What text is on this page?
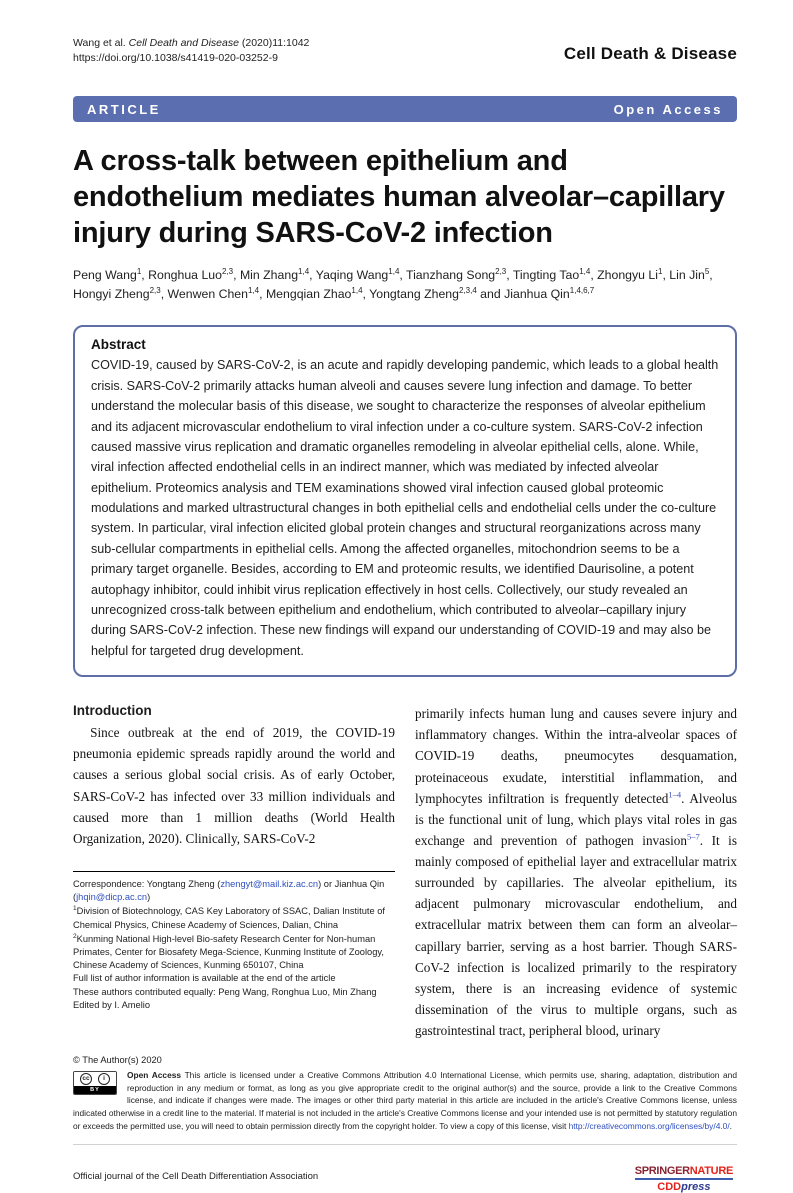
Wang et al. Cell Death and Disease (2020)11:1042
https://doi.org/10.1038/s41419-020-03252-9	Cell Death & Disease
ARTICLE	Open Access
A cross-talk between epithelium and endothelium mediates human alveolar–capillary injury during SARS-CoV-2 infection
Peng Wang$^1$, Ronghua Luo$^{2,3}$, Min Zhang$^{1,4}$, Yaqing Wang$^{1,4}$, Tianzhang Song$^{2,3}$, Tingting Tao$^{1,4}$, Zhongyu Li$^1$, Lin Jin$^5$, Hongyi Zheng$^{2,3}$, Wenwen Chen$^{1,4}$, Mengqian Zhao$^{1,4}$, Yongtang Zheng$^{2,3,4}$ and Jianhua Qin$^{1,4,6,7}$
Abstract

COVID-19, caused by SARS-CoV-2, is an acute and rapidly developing pandemic, which leads to a global health crisis. SARS-CoV-2 primarily attacks human alveoli and causes severe lung infection and damage. To better understand the molecular basis of this disease, we sought to characterize the responses of alveolar epithelium and its adjacent microvascular endothelium to viral infection under a co-culture system. SARS-CoV-2 infection caused massive virus replication and dramatic organelles remodeling in alveolar epithelial cells, alone. While, viral infection affected endothelial cells in an indirect manner, which was mediated by infected alveolar epithelium. Proteomics analysis and TEM examinations showed viral infection caused global proteomic modulations and marked ultrastructural changes in both epithelial cells and endothelial cells under the co-culture system. In particular, viral infection elicited global protein changes and structural reorganizations across many sub-cellular compartments in epithelial cells. Among the affected organelles, mitochondrion seems to be a primary target organelle. Besides, according to EM and proteomic results, we identified Daurisoline, a potent autophagy inhibitor, could inhibit virus replication effectively in host cells. Collectively, our study revealed an unrecognized cross-talk between epithelium and endothelium, which contributed to alveolar–capillary injury during SARS-CoV-2 infection. These new findings will expand our understanding of COVID-19 and may also be helpful for targeted drug development.

Introduction

Since outbreak at the end of 2019, the COVID-19 pneumonia epidemic spreads rapidly around the world and causes a serious global social crisis. As of early October, SARS-CoV-2 has infected over 33 million individuals and caused more than 1 million deaths (World Health Organization, 2020). Clinically, SARS-CoV-2

Correspondence: Yongtang Zheng (zhengyt@mail.kiz.ac.cn) or Jianhua Qin (jhqin@dicp.ac.cn)
$^1$Division of Biotechnology, CAS Key Laboratory of SSAC, Dalian Institute of Chemical Physics, Chinese Academy of Sciences, Dalian, China
$^2$Kunming National High-level Bio-safety Research Center for Non-human Primates, Center for Biosafety Mega-Science, Kunming Institute of Zoology, Chinese Academy of Sciences, Kunming 650107, China
Full list of author information is available at the end of the article
These authors contributed equally: Peng Wang, Ronghua Luo, Min Zhang
Edited by I. Amelio

primarily infects human lung and causes severe injury and inflammatory changes. Within the intra-alveolar spaces of COVID-19 deaths, pneumocytes desquamation, proteinaceous exudate, interstitial inflammation, and lymphocytes infiltration is frequently detected$^{1-4}$. Alveolus is the functional unit of lung, which plays vital roles in gas exchange and prevention of pathogen invasion$^{5-7}$. It is mainly composed of epithelial layer and extracellular matrix surrounded by capillaries. The alveolar epithelium, its adjacent pulmonary microvascular endothelium, and extracellular matrix between them can form an alveolar–capillary barrier, serving as a host barrier. Though SARS-CoV-2 infection is localized primarily to the respiratory system, there is an increasing evidence of systemic dissemination of the virus to multiple organs, such as gastrointestinal tract, peripheral blood, urinary

© The Author(s) 2020
cc	i
BY
Open Access This article is licensed under a Creative Commons Attribution 4.0 International License, which permits use, sharing, adaptation, distribution and reproduction in any medium or format, as long as you give appropriate credit to the original author(s) and the source, provide a link to the Creative Commons license, and indicate if changes were made. The images or other third party material in this article are included in the article's Creative Commons license, unless indicated otherwise in a credit line to the material. If material is not included in the article's Creative Commons license and your intended use is not permitted by statutory regulation or exceeds the permitted use, you will need to obtain permission directly from the copyright holder. To view a copy of this license, visit http://creativecommons.org/licenses/by/4.0/.
Official journal of the Cell Death Differentiation Association	SPRINGERNATURE
CDDpress
